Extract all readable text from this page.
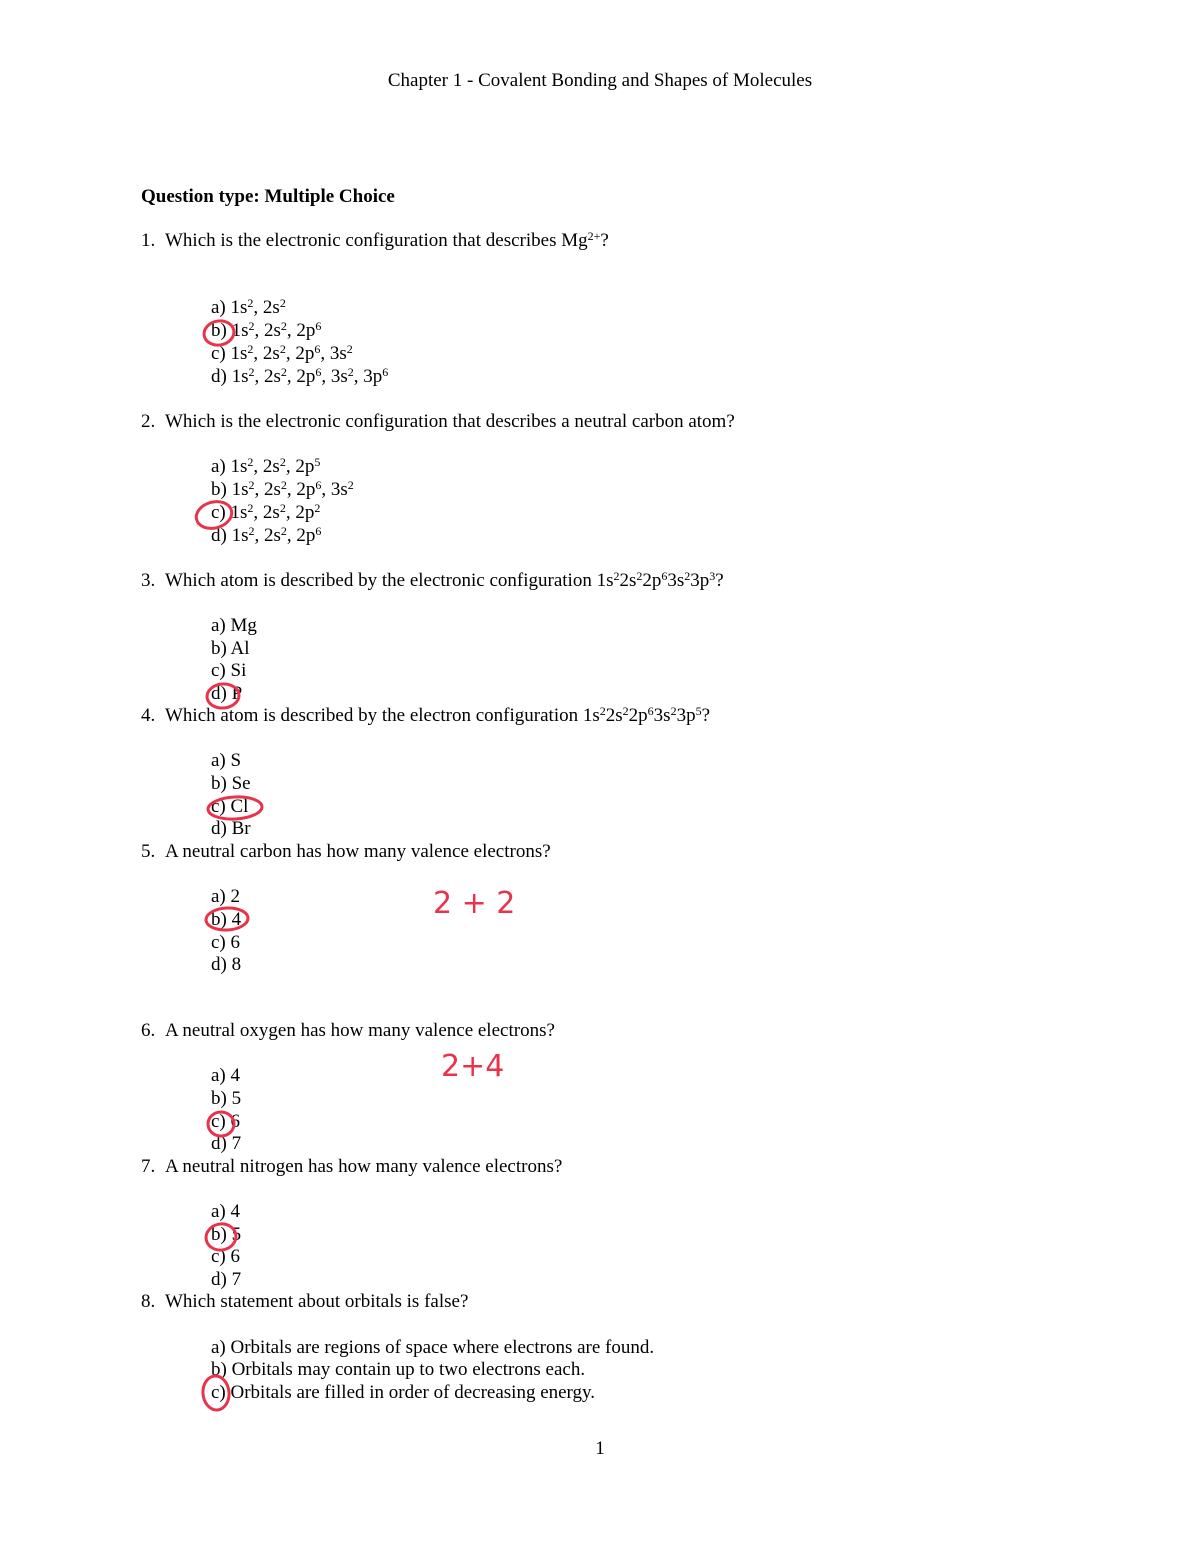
Chapter 1 - Covalent Bonding and Shapes of Molecules
Question type: Multiple Choice
1. Which is the electronic configuration that describes $Mg^{2+}$?
a) $1s^2$, $2s^2$
b) $1s^2$, $2s^2$, $2p^6$
c) $1s^2$, $2s^2$, $2p^6$, $3s^2$
d) $1s^2$, $2s^2$, $2p^6$, $3s^2$, $3p^6$
2. Which is the electronic configuration that describes a neutral carbon atom?
a) $1s^2$, $2s^2$, $2p^5$
b) $1s^2$, $2s^2$, $2p^6$, $3s^2$
c) $1s^2$, $2s^2$, $2p^2$
d) $1s^2$, $2s^2$, $2p^6$
3. Which atom is described by the electronic configuration $1s^22s^22p^63s^23p^3$?
a) Mg
b) Al
c) Si
d) P
4. Which atom is described by the electron configuration $1s^22s^22p^63s^23p^5$?
a) S
b) Se
c) Cl
d) Br
5. A neutral carbon has how many valence electrons?
a) 2
b) 4
c) 6
d) 8
6. A neutral oxygen has how many valence electrons?
a) 4
b) 5
c) 6
d) 7
7. A neutral nitrogen has how many valence electrons?
a) 4
b) 5
c) 6
d) 7
8. Which statement about orbitals is false?
a) Orbitals are regions of space where electrons are found.
b) Orbitals may contain up to two electrons each.
c) Orbitals are filled in order of decreasing energy.
2 + 2
2+4
1
